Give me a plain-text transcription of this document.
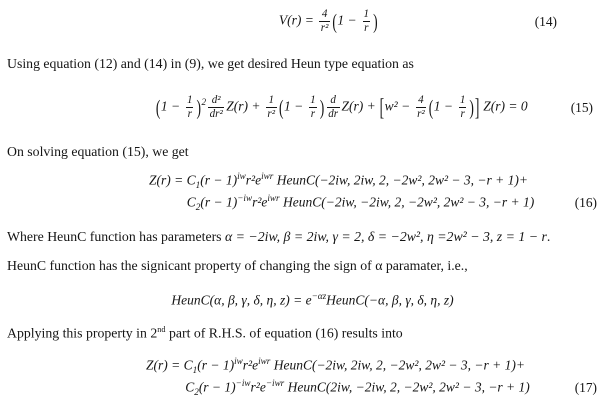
$V(r) = \frac{4}{\text{r²}} (1 - \frac{1}{r}$ )	(14)
Using equation (12) and (14) in (9), we get desired Heun type equation as
$(1 - \frac{1}{r} )^2 \frac{\text{d²}}{\text{dr²}} Z(r) + \frac{1}{\text{r²}} (1 - \frac{1}{r}$ ) $\frac{d}{dr} Z(r) + [w^2 - \frac{4}{\text{r²}} (1 - \frac{1}{r}$ )] Z(r) = 0	(15)
On solving equation (15), we get
$Z(r) = C_1(r - 1)^{iw}r^2e^{iwr}$ HeunC(−2iw, 2iw, 2, −2w², 2w² − 3, −r + 1)+
$C_2(r - 1)^{-iw}r^2e^{iwr}$ HeunC(−2iw, −2iw, 2, −2w², 2w² − 3, −r + 1)	(16)
Where HeunC function has parameters α = −2iw, β = 2iw, γ = 2, δ = −2w², η =2w² − 3, z = 1 − r.
HeunC function has the signicant property of changing the sign of α paramater, i.e.,
HeunC(α, β, γ, δ, η, $z) = e^{-\alpha z}HeunC(-\alpha$, β, γ, δ, η, z)
Applying this property in 2nd part of R.H.S. of equation (16) results into
$Z(r) = C_1(r - 1)^{iw}r^2e^{iwr}$ HeunC(−2iw, 2iw, 2, −2w², 2w² − 3, −r + 1)+
$C_2(r - 1)^{-iw}r^2e^{-iwr}$ HeunC(2iw, −2iw, 2, −2w², 2w² − 3, −r + 1)	(17)
